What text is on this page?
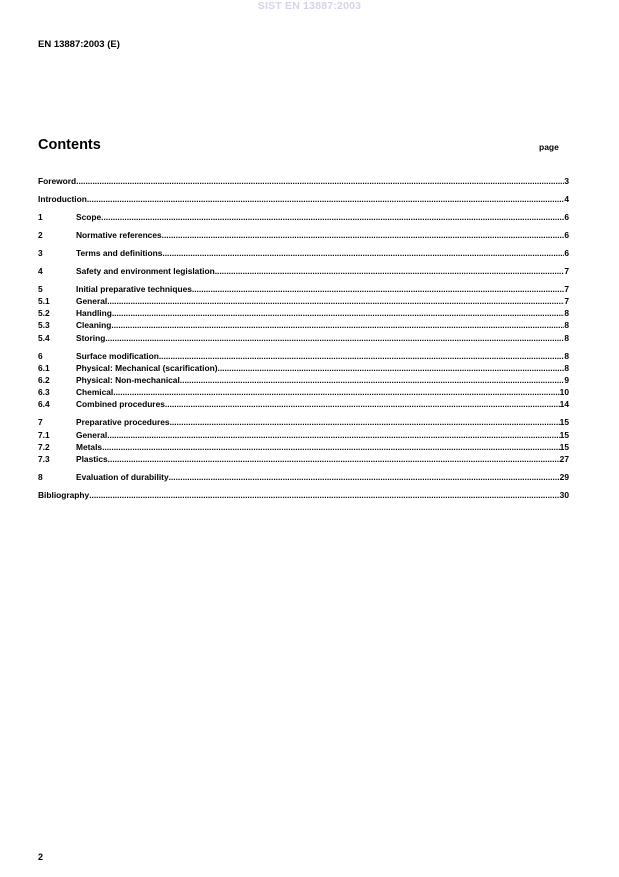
SIST EN 13887:2003
EN 13887:2003 (E)
Contents	page
Foreword .....	3
Introduction .....	4
1	Scope .....	6
2	Normative references .....	6
3	Terms and definitions .....	6
4	Safety and environment legislation .....	7
5	Initial preparative techniques .....	7
5.1	General .....	7
5.2	Handling .....	8
5.3	Cleaning .....	8
5.4	Storing .....	8
6	Surface modification .....	8
6.1	Physical: Mechanical (scarification) .....	8
6.2	Physical: Non-mechanical .....	9
6.3	Chemical .....	10
6.4	Combined procedures .....	14
7	Preparative procedures .....	15
7.1	General .....	15
7.2	Metals .....	15
7.3	Plastics .....	27
8	Evaluation of durability .....	29
Bibliography .....	30
2
